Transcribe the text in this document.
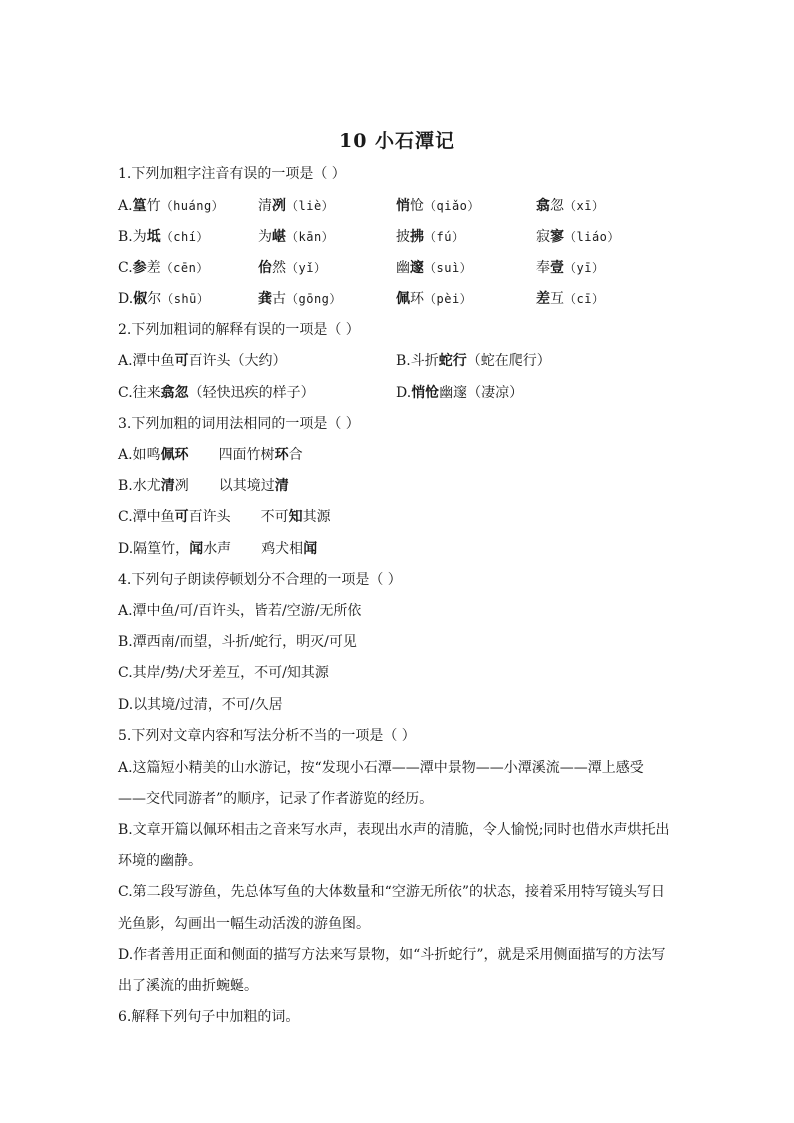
10 小石潭记
1.下列加粗字注音有误的一项是（ ）
A.篁竹（huáng） 清冽（liè）	悄怆（qiǎo）	翕忽（xī）
B.为坻（chí）	为嵁（kān）	披拂（fú）	寂寥（liáo）
C.参差（cēn）	佁然（yǐ）	幽邃（suì）	奉壹（yī）
D.俶尔（shū）	龚古（gōng）	佩环（pèi）	差互（cī）
2.下列加粗词的解释有误的一项是（ ）
A.潭中鱼可百许头（大约）	B.斗折蛇行（蛇在爬行）
C.往来翕忽（轻快迅疾的样子）	D.悄怆幽邃（凄凉）
3.下列加粗的词用法相同的一项是（ ）
A.如鸣佩环 四面竹树环合
B.水尤清冽 以其境过清
C.潭中鱼可百许头 不可知其源
D.隔篁竹，闻水声 鸡犬相闻
4.下列句子朗读停顿划分不合理的一项是（ ）
A.潭中鱼/可/百许头，皆若/空游/无所依
B.潭西南/而望，斗折/蛇行，明灭/可见
C.其岸/势/犬牙差互，不可/知其源
D.以其境/过清，不可/久居
5.下列对文章内容和写法分析不当的一项是（ ）
A.这篇短小精美的山水游记，按“发现小石潭——潭中景物——小潭溪流——潭上感受
——交代同游者”的顺序，记录了作者游览的经历。
B.文章开篇以佩环相击之音来写水声，表现出水声的清脆，令人愉悦;同时也借水声烘托出
环境的幽静。
C.第二段写游鱼，先总体写鱼的大体数量和“空游无所依”的状态，接着采用特写镜头写日
光鱼影，勾画出一幅生动活泼的游鱼图。
D.作者善用正面和侧面的描写方法来写景物，如“斗折蛇行”，就是采用侧面描写的方法写
出了溪流的曲折蜿蜒。
6.解释下列句子中加粗的词。
